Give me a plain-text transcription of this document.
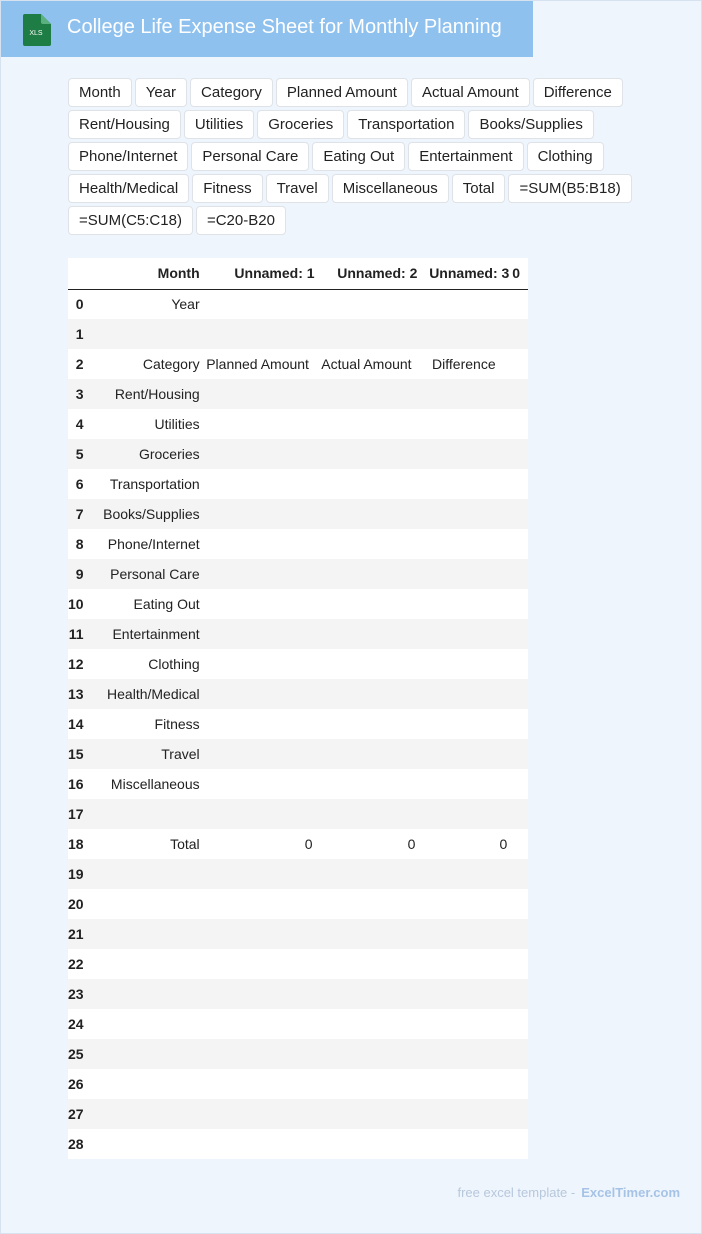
XLS College Life Expense Sheet for Monthly Planning
Month	Year	Category	Planned Amount	Actual Amount	Difference
Rent/Housing	Utilities	Groceries	Transportation	Books/Supplies
Phone/Internet	Personal Care	Eating Out	Entertainment	Clothing
Health/Medical	Fitness	Travel	Miscellaneous	Total	=SUM(B5:B18)
=SUM(C5:C18)	=C20-B20
	Month	Unnamed: 1	Unnamed: 2	Unnamed: 3	0
0	Year				
1					
2	Category	Planned Amount	Actual Amount	Difference	
3	Rent/Housing				
4	Utilities				
5	Groceries				
6	Transportation				
7	Books/Supplies				
8	Phone/Internet				
9	Personal Care				
10	Eating Out				
11	Entertainment				
12	Clothing				
13	Health/Medical				
14	Fitness				
15	Travel				
16	Miscellaneous				
17					
18	Total	0	0	0	
19					
20					
21					
22					
23					
24					
25					
26					
27					
28					
free excel template - ExcelTimer.com
